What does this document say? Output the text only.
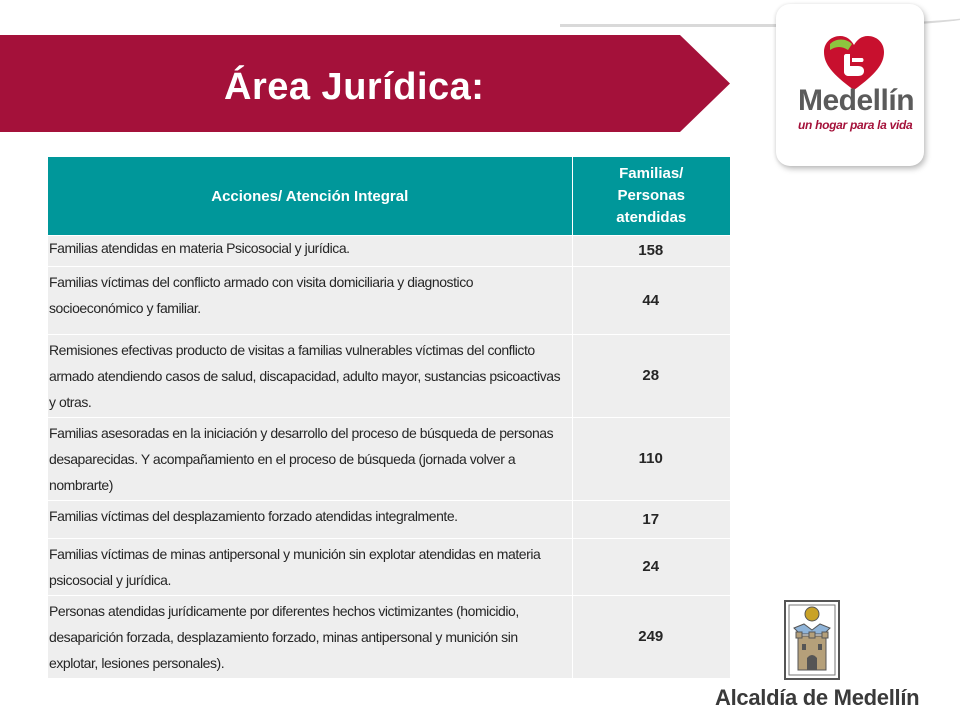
Área Jurídica:	Medellín
un hogar para la vida
Acciones/ Atención Integral	Familias/
Personas
atendidas
Familias atendidas en materia Psicosocial y jurídica.	158
Familias víctimas del conflicto armado con visita domiciliaria y diagnostico socioeconómico y familiar.	44
Remisiones efectivas producto de visitas a familias vulnerables víctimas del conflicto armado atendiendo casos de salud, discapacidad, adulto mayor, sustancias psicoactivas y otras.	28
Familias asesoradas en la iniciación y desarrollo del proceso de búsqueda de personas desaparecidas. Y acompañamiento en el proceso de búsqueda (jornada volver a nombrarte)	110
Familias víctimas del desplazamiento forzado atendidas integralmente.	17
Familias víctimas de minas antipersonal y munición sin explotar atendidas en materia psicosocial y jurídica.	24
Personas atendidas jurídicamente por diferentes hechos victimizantes (homicidio, desaparición forzada, desplazamiento forzado, minas antipersonal y munición sin explotar, lesiones personales).	249
Alcaldía de Medellín
